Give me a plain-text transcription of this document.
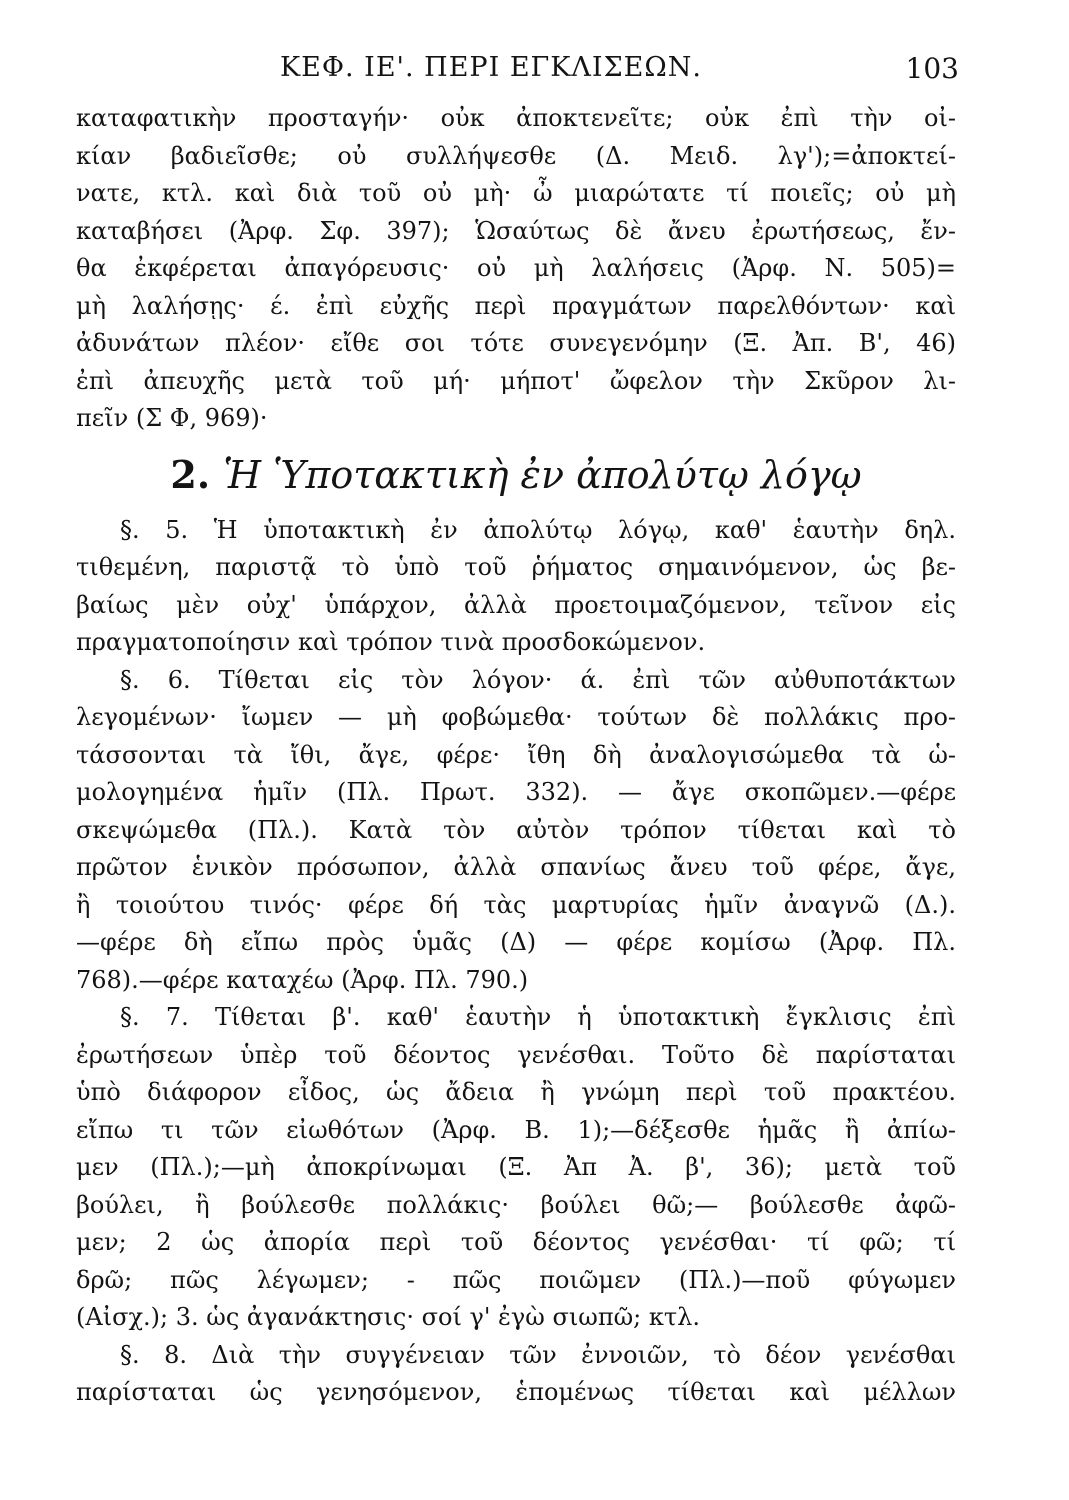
ΚΕΦ. ΙΕ'. ΠΕΡΙ ΕΓΚΛΙΣΕΩΝ.	103
καταφατικὴν προσταγήν· οὐκ ἀποκτενεῖτε; οὐκ ἐπὶ τὴν οἰ-
κίαν βαδιεῖσθε; οὐ συλλήψεσθε (Δ. Μειδ. λγ');=ἀποκτεί-
νατε, κτλ. καὶ διὰ τοῦ οὐ μὴ· ὦ μιαρώτατε τί ποιεῖς; οὐ μὴ
καταβήσει (Ἀρφ. Σφ. 397); Ὡσαύτως δὲ ἄνευ ἐρωτήσεως, ἔν-
θα ἐκφέρεται ἀπαγόρευσις· οὐ μὴ λαλήσεις (Ἀρφ. Ν. 505)=
μὴ λαλήσῃς· έ. ἐπὶ εὐχῆς περὶ πραγμάτων παρελθόντων· καὶ
ἀδυνάτων πλέον· εἴθε σοι τότε συνεγενόμην (Ξ. Ἀπ. Β', 46)
ἐπὶ ἀπευχῆς μετὰ τοῦ μή· μήποτ' ὤφελον τὴν Σκῦρον λι-
πεῖν (Σ Φ, 969)·
2. Ἡ Ὑποτακτικὴ ἐν ἀπολύτῳ λόγῳ
§. 5. Ἡ ὑποτακτικὴ ἐν ἀπολύτῳ λόγῳ, καθ' ἑαυτὴν δηλ.
τιθεμένη, παριστᾷ τὸ ὑπὸ τοῦ ῥήματος σημαινόμενον, ὡς βε-
βαίως μὲν οὐχ' ὑπάρχον, ἀλλὰ προετοιμαζόμενον, τεῖνον εἰς
πραγματοποίησιν καὶ τρόπον τινὰ προσδοκώμενον.
§. 6. Τίθεται εἰς τὸν λόγον· ά. ἐπὶ τῶν αὐθυποτάκτων
λεγομένων· ἴωμεν — μὴ φοβώμεθα· τούτων δὲ πολλάκις προ-
τάσσονται τὰ ἴθι, ἄγε, φέρε· ἴθη δὴ ἀναλογισώμεθα τὰ ὡ-
μολογημένα ἡμῖν (Πλ. Πρωτ. 332). — ἄγε σκοπῶμεν.—φέρε
σκεψώμεθα (Πλ.). Κατὰ τὸν αὐτὸν τρόπον τίθεται καὶ τὸ
πρῶτον ἑνικὸν πρόσωπον, ἀλλὰ σπανίως ἄνευ τοῦ φέρε, ἄγε,
ἢ τοιούτου τινός· φέρε δή τὰς μαρτυρίας ἡμῖν ἀναγνῶ (Δ.).
—φέρε δὴ εἴπω πρὸς ὑμᾶς (Δ) — φέρε κομίσω (Ἀρφ. Πλ.
768).—φέρε καταχέω (Ἀρφ. Πλ. 790.)
§. 7. Τίθεται β'. καθ' ἑαυτὴν ἡ ὑποτακτικὴ ἔγκλισις ἐπὶ
ἐρωτήσεων ὑπὲρ τοῦ δέοντος γενέσθαι. Τοῦτο δὲ παρίσταται
ὑπὸ διάφορον εἶδος, ὡς ἄδεια ἢ γνώμη περὶ τοῦ πρακτέου.
εἴπω τι τῶν εἰωθότων (Ἀρφ. Β. 1);—δέξεσθε ἡμᾶς ἢ ἀπίω-
μεν (Πλ.);—μὴ ἀποκρίνωμαι (Ξ. Ἀπ Ἀ. β', 36); μετὰ τοῦ
βούλει, ἢ βούλεσθε πολλάκις· βούλει θῶ;— βούλεσθε ἀφῶ-
μεν; 2 ὡς ἀπορία περὶ τοῦ δέοντος γενέσθαι· τί φῶ; τί
δρῶ; πῶς λέγωμεν; - πῶς ποιῶμεν (Πλ.)—ποῦ φύγωμεν
(Αἰσχ.); 3. ὡς ἀγανάκτησις· σοί γ' ἐγὼ σιωπῶ; κτλ.
§. 8. Διὰ τὴν συγγένειαν τῶν ἐννοιῶν, τὸ δέον γενέσθαι
παρίσταται ὡς γενησόμενον, ἑπομένως τίθεται καὶ μέλλων
